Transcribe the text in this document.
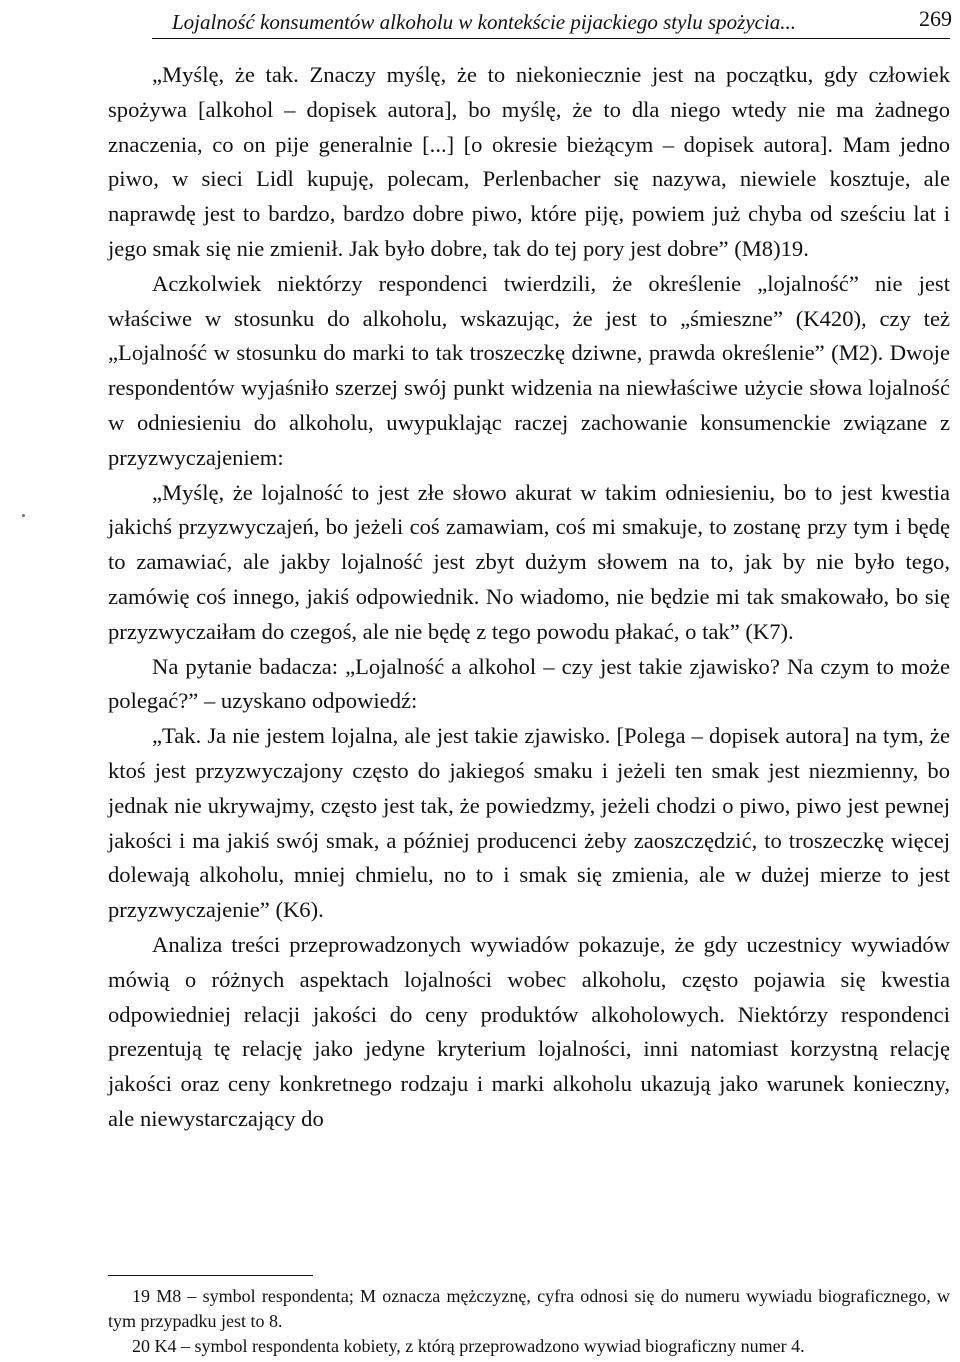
Lojalność konsumentów alkoholu w kontekście pijackiego stylu spożycia...	269

„Myślę, że tak. Znaczy myślę, że to niekoniecznie jest na początku, gdy człowiek spożywa [alkohol – dopisek autora], bo myślę, że to dla niego wtedy nie ma żadnego znaczenia, co on pije generalnie [...] [o okresie bieżącym – dopisek autora]. Mam jedno piwo, w sieci Lidl kupuję, polecam, Perlenbacher się nazywa, niewiele kosztuje, ale naprawdę jest to bardzo, bardzo dobre piwo, które piję, powiem już chyba od sześciu lat i jego smak się nie zmienił. Jak było dobre, tak do tej pory jest dobre” (M8)19.

Aczkolwiek niektórzy respondenci twierdzili, że określenie „lojalność” nie jest właściwe w stosunku do alkoholu, wskazując, że jest to „śmieszne” (K420), czy też „Lojalność w stosunku do marki to tak troszeczkę dziwne, prawda określenie” (M2). Dwoje respondentów wyjaśniło szerzej swój punkt widzenia na niewłaściwe użycie słowa lojalność w odniesieniu do alkoholu, uwypuklając raczej zachowanie konsumenckie związane z przyzwyczajeniem:

„Myślę, że lojalność to jest złe słowo akurat w takim odniesieniu, bo to jest kwestia jakichś przyzwyczajeń, bo jeżeli coś zamawiam, coś mi smakuje, to zostanę przy tym i będę to zamawiać, ale jakby lojalność jest zbyt dużym słowem na to, jak by nie było tego, zamówię coś innego, jakiś odpowiednik. No wiadomo, nie będzie mi tak smakowało, bo się przyzwyczaiłam do czegoś, ale nie będę z tego powodu płakać, o tak” (K7).

Na pytanie badacza: „Lojalność a alkohol – czy jest takie zjawisko? Na czym to może polegać?” – uzyskano odpowiedź:

„Tak. Ja nie jestem lojalna, ale jest takie zjawisko. [Polega – dopisek autora] na tym, że ktoś jest przyzwyczajony często do jakiegoś smaku i jeżeli ten smak jest niezmienny, bo jednak nie ukrywajmy, często jest tak, że powiedzmy, jeżeli chodzi o piwo, piwo jest pewnej jakości i ma jakiś swój smak, a później producenci żeby zaoszczędzić, to troszeczkę więcej dolewają alkoholu, mniej chmielu, no to i smak się zmienia, ale w dużej mierze to jest przyzwyczajenie” (K6).

Analiza treści przeprowadzonych wywiadów pokazuje, że gdy uczestnicy wywiadów mówią o różnych aspektach lojalności wobec alkoholu, często pojawia się kwestia odpowiedniej relacji jakości do ceny produktów alkoholowych. Niektórzy respondenci prezentują tę relację jako jedyne kryterium lojalności, inni natomiast korzystną relację jakości oraz ceny konkretnego rodzaju i marki alkoholu ukazują jako warunek konieczny, ale niewystarczający do

19 M8 – symbol respondenta; M oznacza mężczyznę, cyfra odnosi się do numeru wywiadu biograficznego, w tym przypadku jest to 8.

20 K4 – symbol respondenta kobiety, z którą przeprowadzono wywiad biograficzny numer 4.
